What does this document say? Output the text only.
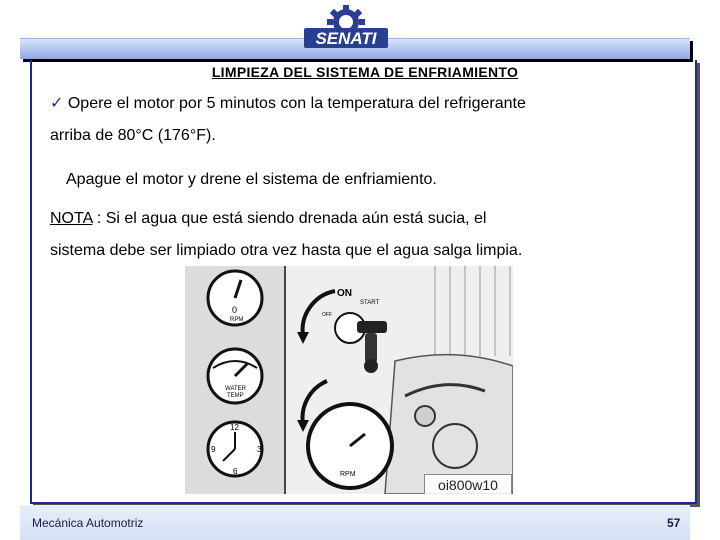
SENATI
LIMPIEZA DEL SISTEMA DE ENFRIAMIENTO
✓ Opere el motor por 5 minutos con la temperatura del refrigerante
arriba de 80°C (176°F).
Apague el motor y drene el sistema de enfriamiento.
NOTA : Si el agua que está siendo drenada aún está sucia, el
sistema debe ser limpiado otra vez hasta que el agua salga limpia.
0
RPM
WATER
TEMP
12
3
6
9
ON
START
OFF
RPM
oi800w10
Mecánica Automotriz	57
